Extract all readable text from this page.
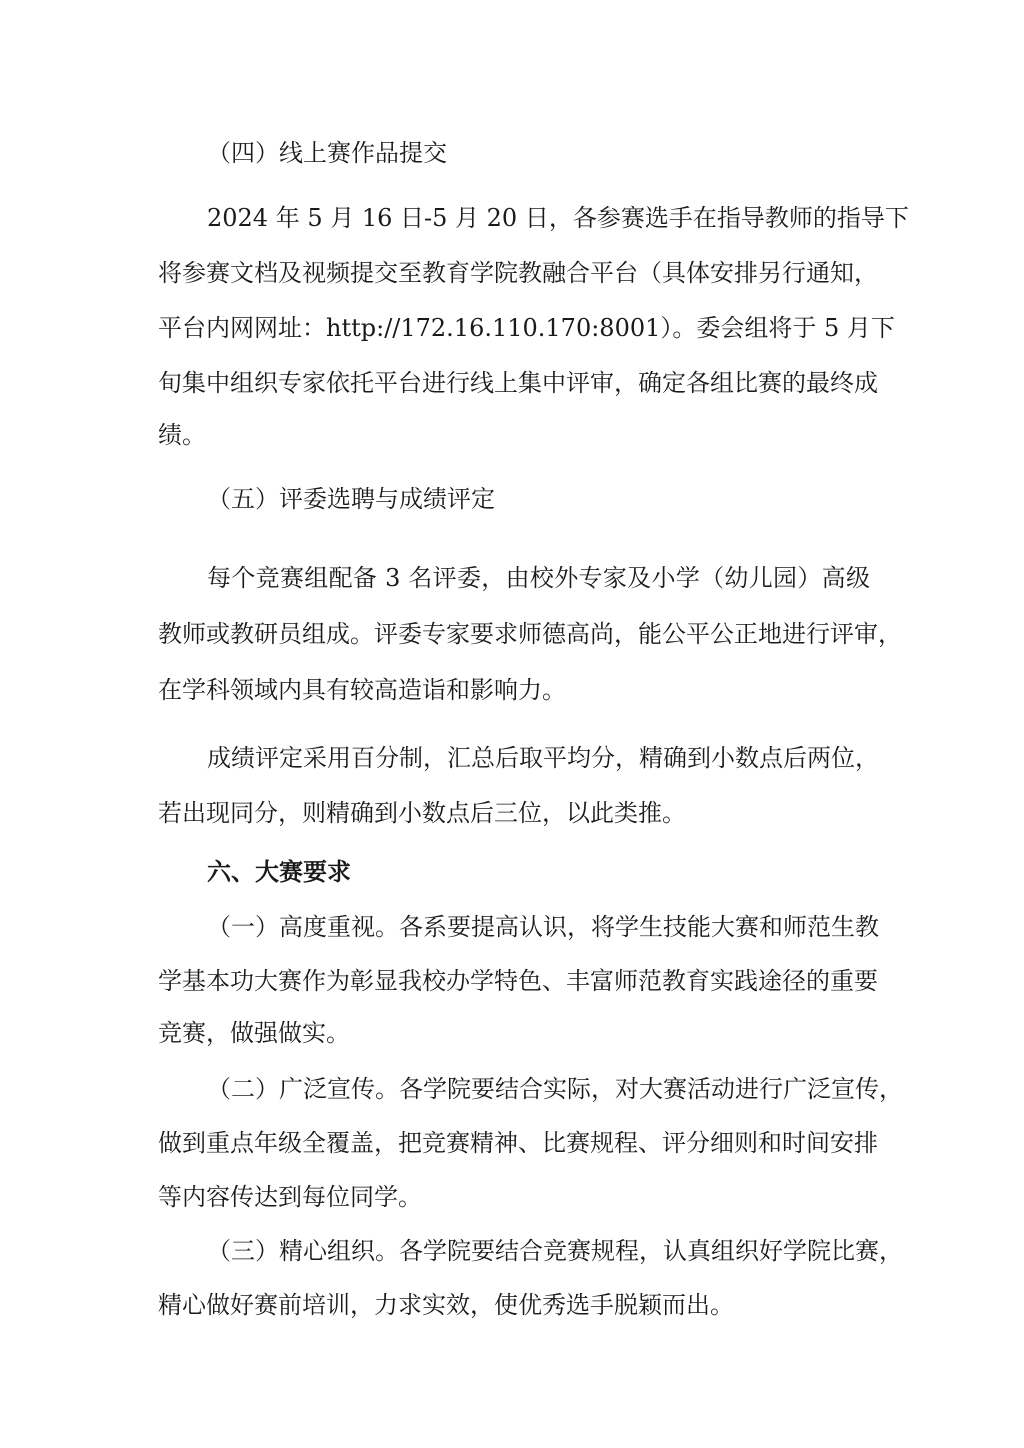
（四）线上赛作品提交
2024 年 5 月 16 日-5 月 20 日，各参赛选手在指导教师的指导下
将参赛文档及视频提交至教育学院教融合平台（具体安排另行通知，
平台内网网址：http://172.16.110.170:8001）。委会组将于 5 月下
旬集中组织专家依托平台进行线上集中评审，确定各组比赛的最终成
绩。
（五）评委选聘与成绩评定
每个竞赛组配备 3 名评委，由校外专家及小学（幼儿园）高级
教师或教研员组成。评委专家要求师德高尚，能公平公正地进行评审，
在学科领域内具有较高造诣和影响力。
成绩评定采用百分制，汇总后取平均分，精确到小数点后两位，
若出现同分，则精确到小数点后三位，以此类推。
六、大赛要求
（一）高度重视。各系要提高认识，将学生技能大赛和师范生教
学基本功大赛作为彰显我校办学特色、丰富师范教育实践途径的重要
竞赛，做强做实。
（二）广泛宣传。各学院要结合实际，对大赛活动进行广泛宣传，
做到重点年级全覆盖，把竞赛精神、比赛规程、评分细则和时间安排
等内容传达到每位同学。
（三）精心组织。各学院要结合竞赛规程，认真组织好学院比赛，
精心做好赛前培训，力求实效，使优秀选手脱颖而出。
